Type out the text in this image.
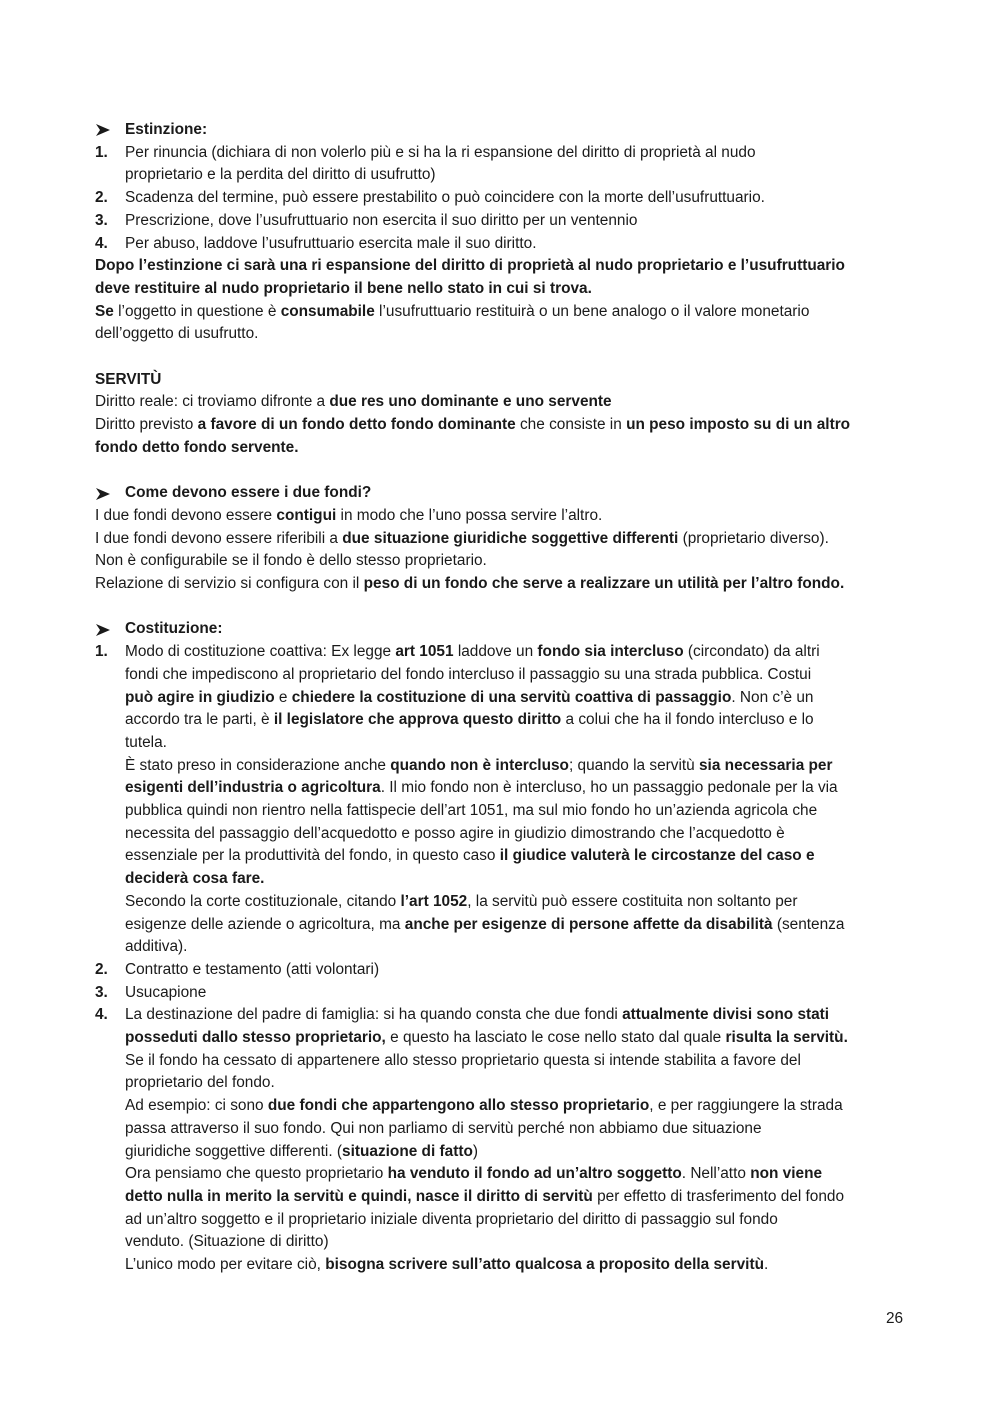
Estinzione:
1.	Per rinuncia (dichiara di non volerlo più e si ha la ri espansione del diritto di proprietà al nudo
proprietario e la perdita del diritto di usufrutto)
2.	Scadenza del termine, può essere prestabilito o può coincidere con la morte dell’usufruttuario.
3.	Prescrizione, dove l’usufruttuario non esercita il suo diritto per un ventennio
4.	Per abuso, laddove l’usufruttuario esercita male il suo diritto.
Dopo l’estinzione ci sarà una ri espansione del diritto di proprietà al nudo proprietario e l’usufruttuario
deve restituire al nudo proprietario il bene nello stato in cui si trova.
Se l’oggetto in questione è consumabile l’usufruttuario restituirà o un bene analogo o il valore monetario
dell’oggetto di usufrutto.
SERVITÙ
Diritto reale: ci troviamo difronte a due res uno dominante e uno servente
Diritto previsto a favore di un fondo detto fondo dominante che consiste in un peso imposto su di un altro
fondo detto fondo servente.
Come devono essere i due fondi?
I due fondi devono essere contigui in modo che l’uno possa servire l’altro.
I due fondi devono essere riferibili a due situazione giuridiche soggettive differenti (proprietario diverso).
Non è configurabile se il fondo è dello stesso proprietario.
Relazione di servizio si configura con il peso di un fondo che serve a realizzare un utilità per l’altro fondo.
Costituzione:
1.	Modo di costituzione coattiva: Ex legge art 1051 laddove un fondo sia intercluso (circondato) da altri
fondi che impediscono al proprietario del fondo intercluso il passaggio su una strada pubblica. Costui
può agire in giudizio e chiedere la costituzione di una servitù coattiva di passaggio. Non c’è un
accordo tra le parti, è il legislatore che approva questo diritto a colui che ha il fondo intercluso e lo
tutela.
È stato preso in considerazione anche quando non è intercluso; quando la servitù sia necessaria per
esigenti dell’industria o agricoltura. Il mio fondo non è intercluso, ho un passaggio pedonale per la via
pubblica quindi non rientro nella fattispecie dell’art 1051, ma sul mio fondo ho un’azienda agricola che
necessita del passaggio dell’acquedotto e posso agire in giudizio dimostrando che l’acquedotto è
essenziale per la produttività del fondo, in questo caso il giudice valuterà le circostanze del caso e
deciderà cosa fare.
Secondo la corte costituzionale, citando l’art 1052, la servitù può essere costituita non soltanto per
esigenze delle aziende o agricoltura, ma anche per esigenze di persone affette da disabilità (sentenza
additiva).
2.	Contratto e testamento (atti volontari)
3.	Usucapione
4.	La destinazione del padre di famiglia: si ha quando consta che due fondi attualmente divisi sono stati
posseduti dallo stesso proprietario, e questo ha lasciato le cose nello stato dal quale risulta la servitù.
Se il fondo ha cessato di appartenere allo stesso proprietario questa si intende stabilita a favore del
proprietario del fondo.
Ad esempio: ci sono due fondi che appartengono allo stesso proprietario, e per raggiungere la strada
passa attraverso il suo fondo. Qui non parliamo di servitù perché non abbiamo due situazione
giuridiche soggettive differenti. (situazione di fatto)
Ora pensiamo che questo proprietario ha venduto il fondo ad un’altro soggetto. Nell’atto non viene
detto nulla in merito la servitù e quindi, nasce il diritto di servitù per effetto di trasferimento del fondo
ad un’altro soggetto e il proprietario iniziale diventa proprietario del diritto di passaggio sul fondo
venduto. (Situazione di diritto)
L’unico modo per evitare ciò, bisogna scrivere sull’atto qualcosa a proposito della servitù.
26
